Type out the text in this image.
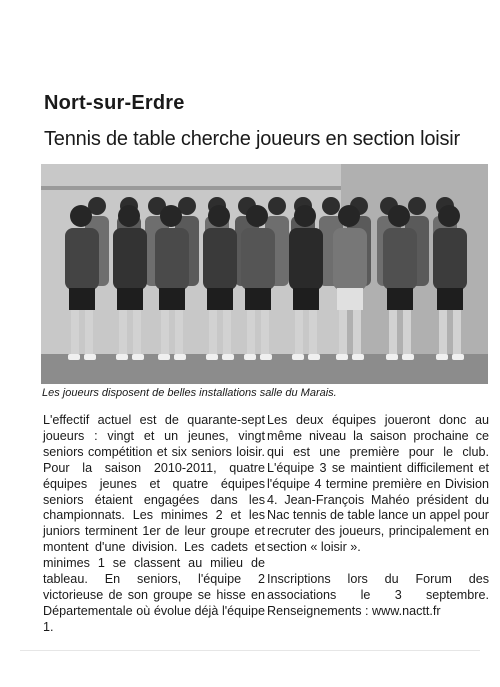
Nort-sur-Erdre
Tennis de table cherche joueurs en section loisir
Les joueurs disposent de belles installations salle du Marais.

L'effectif actuel est de quarante-sept joueurs : vingt et un jeunes, vingt seniors compétition et six seniors loisir. Pour la saison 2010-2011, quatre équipes jeunes et quatre équipes seniors étaient engagées dans les championnats. Les minimes 2 et les juniors terminent 1er de leur groupe et montent d'une division. Les cadets et minimes 1 se classent au milieu de tableau. En seniors, l'équipe 2 victorieuse de son groupe se hisse en Départementale où évolue déjà l'équipe 1.

Les deux équipes joueront donc au même niveau la saison prochaine ce qui est une première pour le club. L'équipe 3 se maintient difficilement et l'équipe 4 termine première en Division 4. Jean-François Mahéo président du Nac tennis de table lance un appel pour recruter des joueurs, principalement en section « loisir ».

Inscriptions lors du Forum des associations le 3 septembre. Renseignements : www.nactt.fr
